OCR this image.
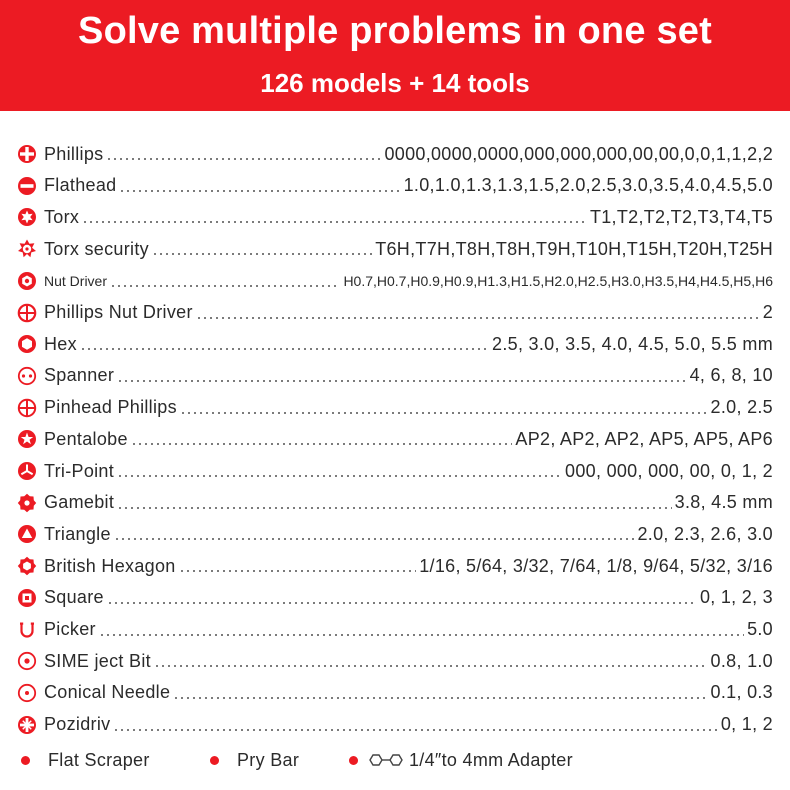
Solve multiple problems in one set
126 models + 14 tools
Phillips	0000,0000,0000,000,000,000,00,00,0,0,1,1,2,2
Flathead	1.0,1.0,1.3,1.3,1.5,2.0,2.5,3.0,3.5,4.0,4.5,5.0
Torx	T1,T2,T2,T2,T3,T4,T5
Torx security	T6H,T7H,T8H,T8H,T9H,T10H,T15H,T20H,T25H
Nut Driver	H0.7,H0.7,H0.9,H0.9,H1.3,H1.5,H2.0,H2.5,H3.0,H3.5,H4,H4.5,H5,H6
Phillips Nut Driver	2
Hex	2.5, 3.0, 3.5, 4.0, 4.5, 5.0, 5.5 mm
Spanner	4, 6, 8, 10
Pinhead Phillips	2.0, 2.5
Pentalobe	AP2, AP2, AP2, AP5, AP5, AP6
Tri-Point	000, 000, 000, 00, 0, 1, 2
Gamebit	3.8, 4.5 mm
Triangle	2.0, 2.3, 2.6, 3.0
British Hexagon	1/16, 5/64, 3/32, 7/64, 1/8, 9/64, 5/32, 3/16
Square	0, 1, 2, 3
Picker	5.0
SIME ject Bit	0.8, 1.0
Conical Needle	0.1, 0.3
Pozidriv	0, 1, 2
Flat Scraper	Pry Bar	1/4″to 4mm Adapter
